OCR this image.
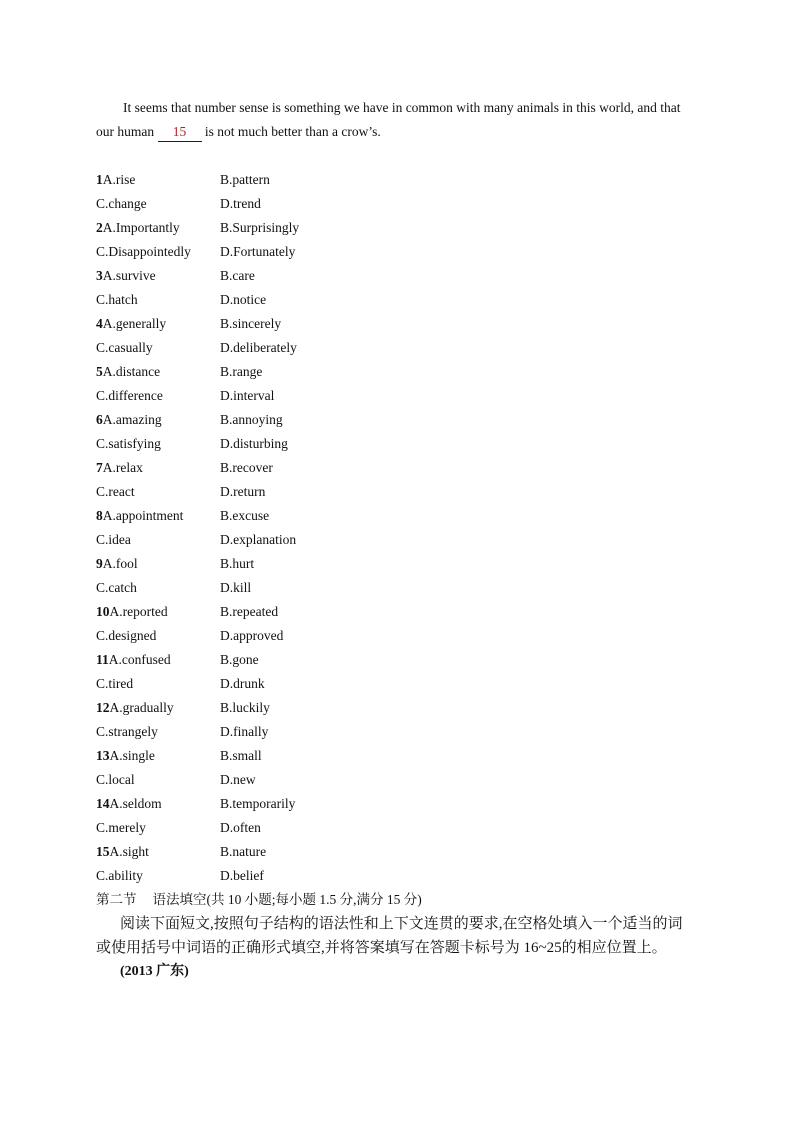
It seems that number sense is something we have in common with many animals in this world, and that our human 15 is not much better than a crow’s.
1A.rise	B.pattern
C.change	D.trend
2A.Importantly	B.Surprisingly
C.Disappointedly D.Fortunately
3A.survive	B.care
C.hatch	D.notice
4A.generally	B.sincerely
C.casually	D.deliberately
5A.distance	B.range
C.difference	D.interval
6A.amazing	B.annoying
C.satisfying	D.disturbing
7A.relax	B.recover
C.react	D.return
8A.appointment	B.excuse
C.idea	D.explanation
9A.fool	B.hurt
C.catch	D.kill
10A.reported	B.repeated
C.designed	D.approved
11A.confused	B.gone
C.tired	D.drunk
12A.gradually	B.luckily
C.strangely	D.finally
13A.single	B.small
C.local	D.new
14A.seldom	B.temporarily
C.merely	D.often
15A.sight	B.nature
C.ability	D.belief
第二节 语法填空(共 10 小题;每小题 1.5 分,满分 15 分)
阅读下面短文,按照句子结构的语法性和上下文连贯的要求,在空格处填入一个适当的词或使用括号中词语的正确形式填空,并将答案填写在答题卡标号为 16~25的相应位置上。
(2013 广东)
